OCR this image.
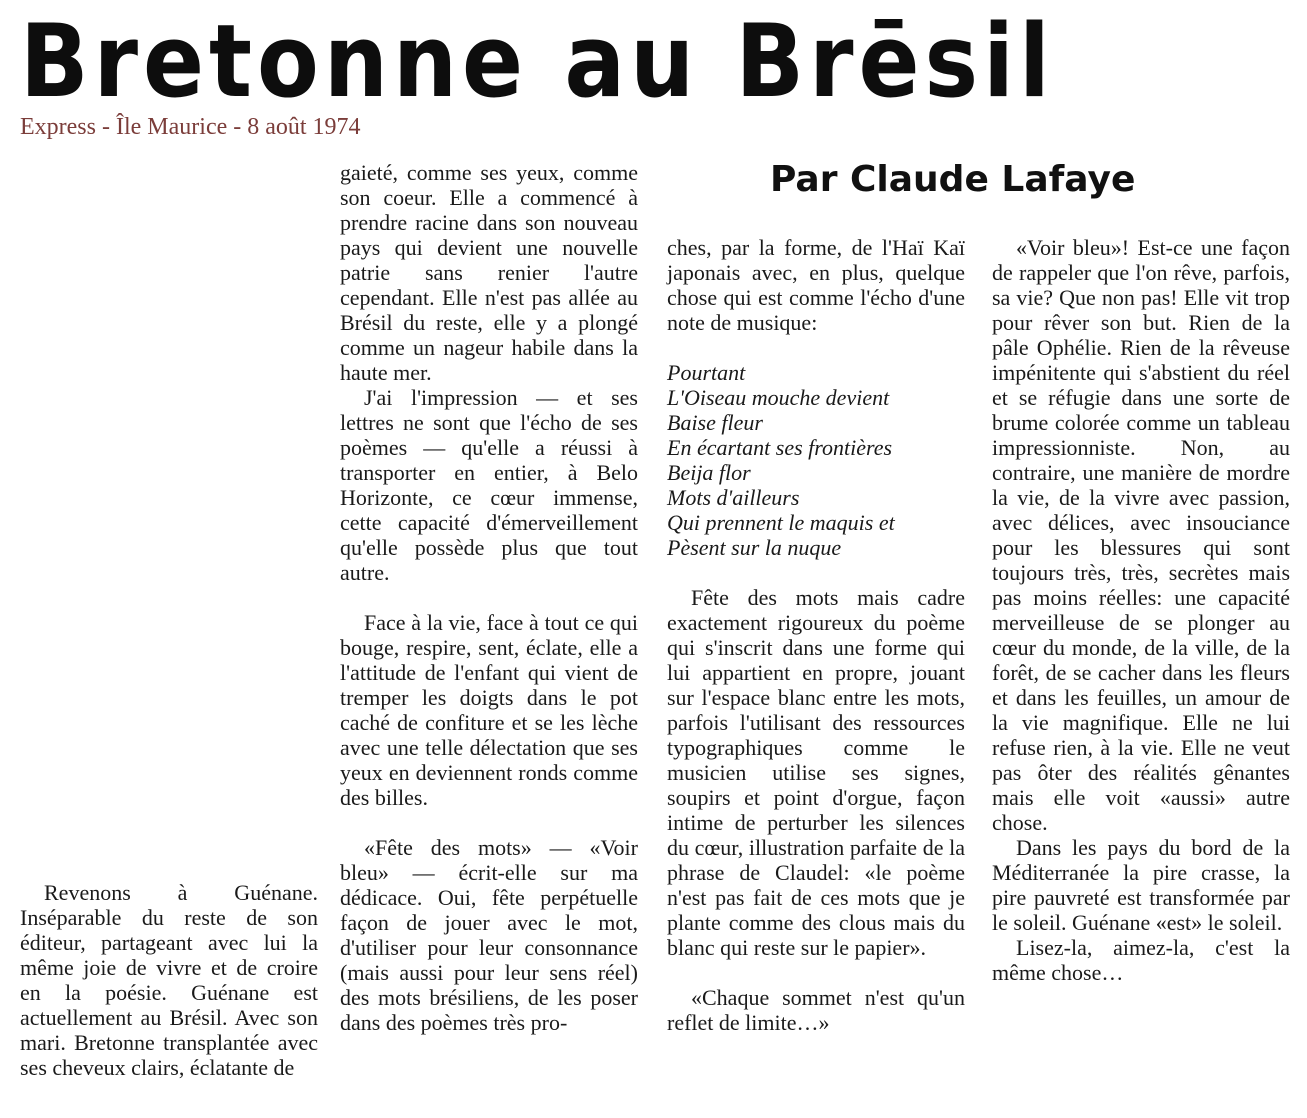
Bretonne au Brēsil
Express - Île Maurice - 8 août 1974
Par Claude Lafaye

Revenons à Guénane. Inséparable du reste de son éditeur, partageant avec lui la même joie de vivre et de croire en la poésie. Guénane est actuellement au Brésil. Avec son mari. Bretonne transplantée avec ses cheveux clairs, éclatante de

gaieté, comme ses yeux, comme son coeur. Elle a commencé à prendre racine dans son nouveau pays qui devient une nouvelle patrie sans renier l'autre cependant. Elle n'est pas allée au Brésil du reste, elle y a plongé comme un nageur habile dans la haute mer.

J'ai l'impression — et ses lettres ne sont que l'écho de ses poèmes — qu'elle a réussi à transporter en entier, à Belo Horizonte, ce cœur immense, cette capacité d'émerveillement qu'elle possède plus que tout autre.

Face à la vie, face à tout ce qui bouge, respire, sent, éclate, elle a l'attitude de l'enfant qui vient de tremper les doigts dans le pot caché de confiture et se les lèche avec une telle délectation que ses yeux en deviennent ronds comme des billes.

«Fête des mots» — «Voir bleu» — écrit-elle sur ma dédicace. Oui, fête perpétuelle façon de jouer avec le mot, d'utiliser pour leur consonnance (mais aussi pour leur sens réel) des mots brésiliens, de les poser dans des poèmes très pro-

ches, par la forme, de l'Haï Kaï japonais avec, en plus, quelque chose qui est comme l'écho d'une note de musique:

Pourtant
L'Oiseau mouche devient
Baise fleur
En écartant ses frontières
Beija flor
Mots d'ailleurs
Qui prennent le maquis et
Pèsent sur la nuque

Fête des mots mais cadre exactement rigoureux du poème qui s'inscrit dans une forme qui lui appartient en propre, jouant sur l'espace blanc entre les mots, parfois l'utilisant des ressources typographiques comme le musicien utilise ses signes, soupirs et point d'orgue, façon intime de perturber les silences du cœur, illustration parfaite de la phrase de Claudel: «le poème n'est pas fait de ces mots que je plante comme des clous mais du blanc qui reste sur le papier».

«Chaque sommet n'est qu'un reflet de limite…»

«Voir bleu»! Est-ce une façon de rappeler que l'on rêve, parfois, sa vie? Que non pas! Elle vit trop pour rêver son but. Rien de la pâle Ophélie. Rien de la rêveuse impénitente qui s'abstient du réel et se réfugie dans une sorte de brume colorée comme un tableau impressionniste. Non, au contraire, une manière de mordre la vie, de la vivre avec passion, avec délices, avec insouciance pour les blessures qui sont toujours très, très, secrètes mais pas moins réelles: une capacité merveilleuse de se plonger au cœur du monde, de la ville, de la forêt, de se cacher dans les fleurs et dans les feuilles, un amour de la vie magnifique. Elle ne lui refuse rien, à la vie. Elle ne veut pas ôter des réalités gênantes mais elle voit «aussi» autre chose.

Dans les pays du bord de la Méditerranée la pire crasse, la pire pauvreté est transformée par le soleil. Guénane «est» le soleil.

Lisez-la, aimez-la, c'est la même chose…
